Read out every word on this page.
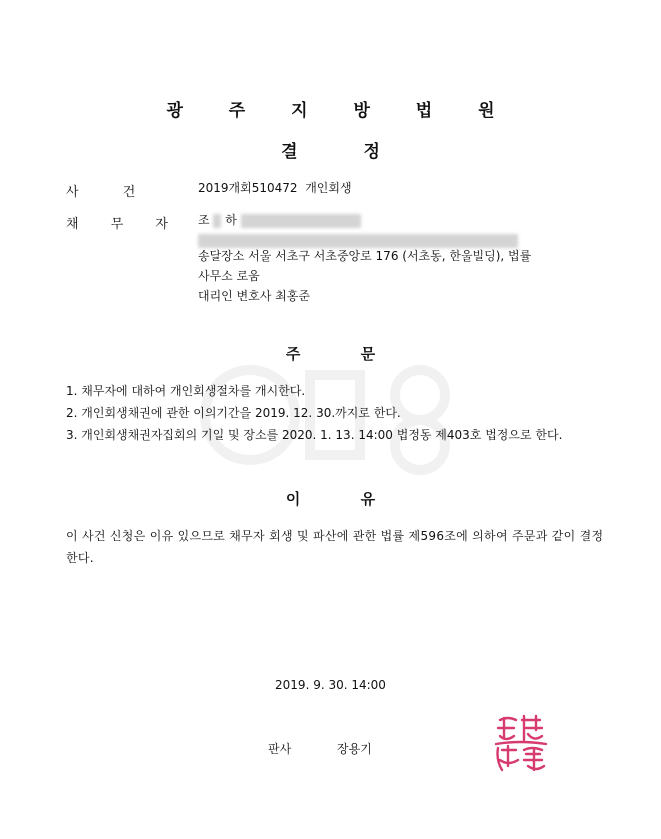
광 주 지 방 법 원
결 정
사 건	2019개회510472 개인회생
채 무 자	조 하
송달장소 서울 서초구 서초중앙로 176 (서초동, 한울빌딩), 법률
사무소 로움
대리인 변호사 최홍준
주 문
1. 채무자에 대하여 개인회생절차를 개시한다.
2. 개인회생채권에 관한 이의기간을 2019. 12. 30.까지로 한다.
3. 개인회생채권자집회의 기일 및 장소를 2020. 1. 13. 14:00 법정동 제403호 법정으로 한다.
이 유
이 사건 신청은 이유 있으므로 채무자 회생 및 파산에 관한 법률 제596조에 의하여 주문과 같이 결정한다.
2019. 9. 30. 14:00
판사	장용기
